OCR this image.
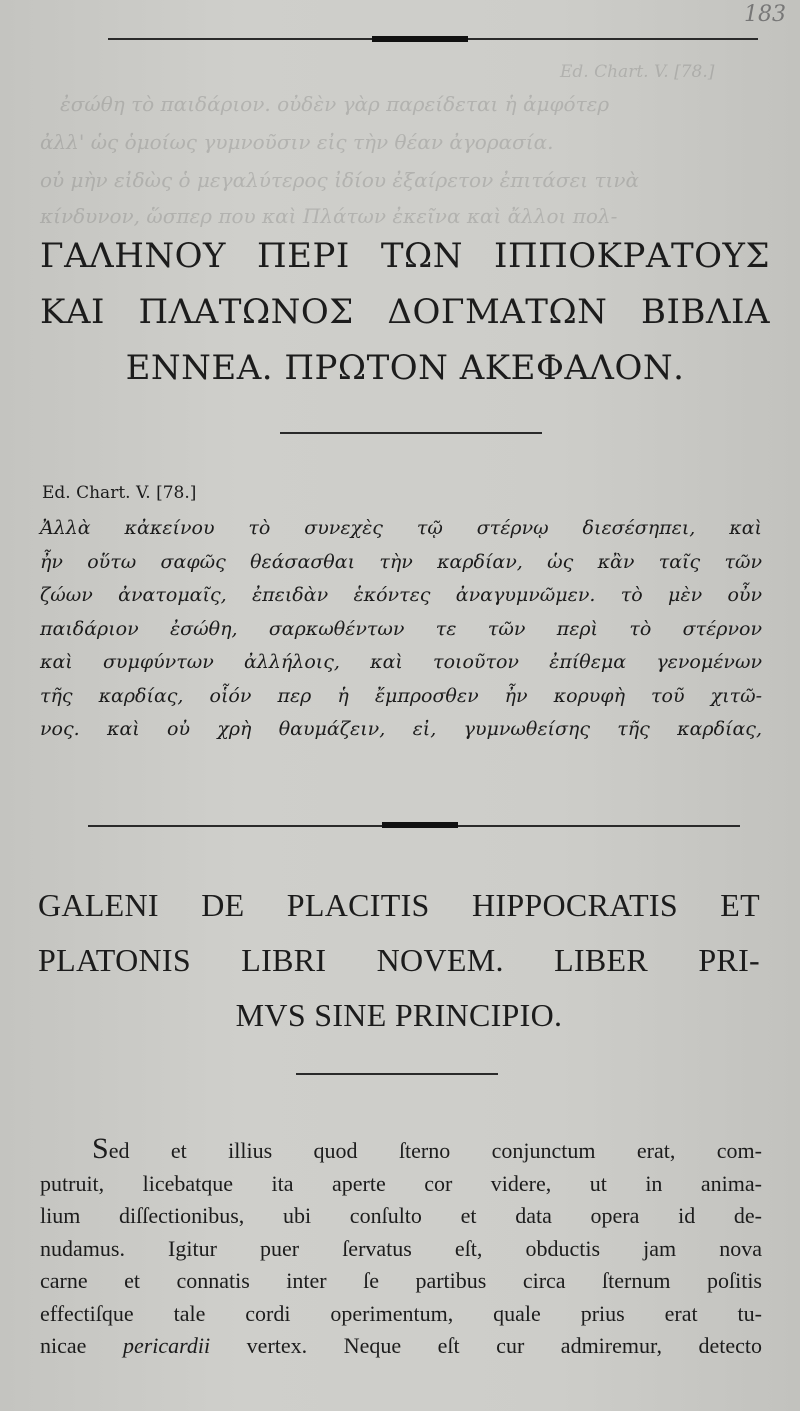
183
Ed. Chart. V. [78.]
ἐσώθη τὸ παιδάριον. οὐδὲν γὰρ παρείδεται ἡ ἀμφότερ
ἀλλ' ὡς ὁμοίως γυμνοῦσιν εἰς τὴν θέαν ἀγορασία.
οὐ μὴν εἰδὼς ὁ μεγαλύτερος ἰδίου ἐξαίρετον ἐπιτάσει τινὰ
κίνδυνον, ὥσπερ που καὶ Πλάτων ἐκεῖνα καὶ ἄλλοι πολ-
ΓΑΛΗΝΟΥ ΠΕΡΙ ΤΩΝ ΙΠΠΟΚΡΑΤΟΥΣ
ΚΑΙ ΠΛΑΤΩΝΟΣ ΔΟΓΜΑΤΩΝ ΒΙΒΛΙΑ
ΕΝΝΕΑ. ΠΡΩΤΟΝ ΑΚΕΦΑΛΟΝ.
Ed. Chart. V. [78.]
Ἀλλὰ κἀκείνου τὸ συνεχὲς τῷ στέρνῳ διεσέσηπει, καὶ
ἦν οὕτω σαφῶς θεάσασθαι τὴν καρδίαν, ὡς κἂν ταῖς τῶν
ζώων ἀνατομαῖς, ἐπειδὰν ἑκόντες ἀναγυμνῶμεν. τὸ μὲν οὖν
παιδάριον ἐσώθη, σαρκωθέντων τε τῶν περὶ τὸ στέρνον
καὶ συμφύντων ἀλλήλοις, καὶ τοιοῦτον ἐπίθεμα γενομένων
τῆς καρδίας, οἷόν περ ἡ ἔμπροσθεν ἦν κορυφὴ τοῦ χιτῶ-
νος. καὶ οὐ χρὴ θαυμάζειν, εἰ, γυμνωθείσης τῆς καρδίας,
GALENI DE PLACITIS HIPPOCRATIS ET
PLATONIS LIBRI NOVEM. LIBER PRI-
MVS SINE PRINCIPIO.
Sed et illius quod ſterno conjunctum erat, com-
putruit, licebatque ita aperte cor videre, ut in anima-
lium diſſectionibus, ubi conſulto et data opera id de-
nudamus. Igitur puer ſervatus eſt, obductis jam nova
carne et connatis inter ſe partibus circa ſternum poſitis
effectiſque tale cordi operimentum, quale prius erat tu-
nicae pericardii vertex. Neque eſt cur admiremur, detecto
